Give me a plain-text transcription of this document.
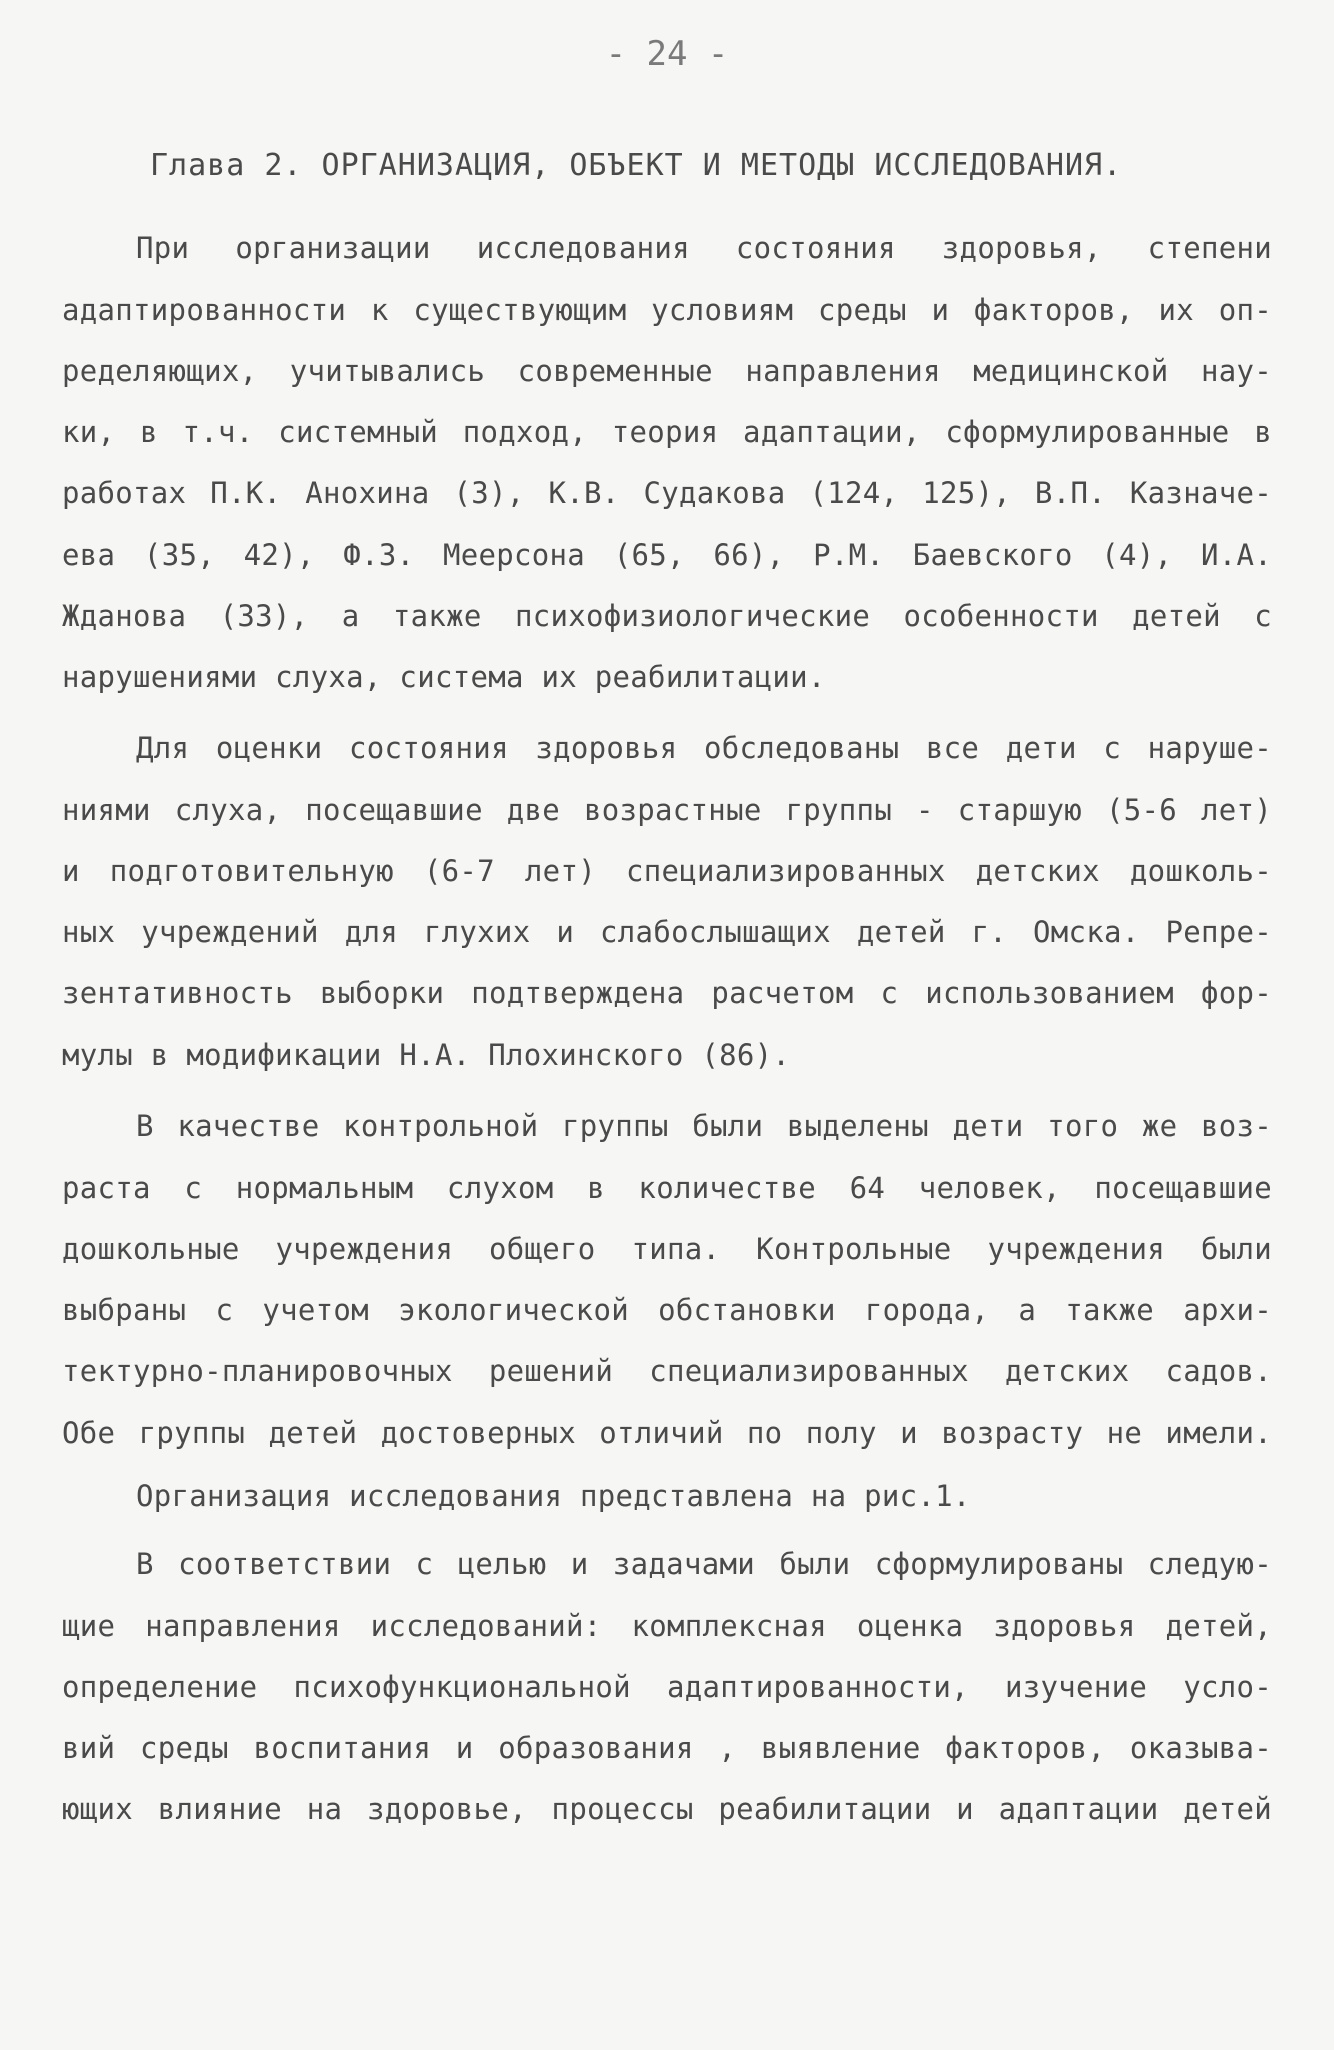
- 24 -
Глава 2. ОРГАНИЗАЦИЯ, ОБЪЕКТ И МЕТОДЫ ИССЛЕДОВАНИЯ.
При организации исследования состояния здоровья, степени
адаптированности к существующим условиям среды и факторов, их оп-
ределяющих, учитывались современные направления медицинской нау-
ки, в т.ч. системный подход, теория адаптации, сформулированные в
работах П.К. Анохина (3), К.В. Судакова (124, 125), В.П. Казначе-
ева (35, 42), Ф.З. Меерсона (65, 66), Р.М. Баевского (4), И.А.
Жданова (33), а также психофизиологические особенности детей с
нарушениями слуха, система их реабилитации.
Для оценки состояния здоровья обследованы все дети с наруше-
ниями слуха, посещавшие две возрастные группы - старшую (5-6 лет)
и подготовительную (6-7 лет) специализированных детских дошколь-
ных учреждений для глухих и слабослышащих детей г. Омска. Репре-
зентативность выборки подтверждена расчетом с использованием фор-
мулы в модификации Н.А. Плохинского (86).
В качестве контрольной группы были выделены дети того же воз-
раста с нормальным слухом в количестве 64 человек, посещавшие
дошкольные учреждения общего типа. Контрольные учреждения были
выбраны с учетом экологической обстановки города, а также архи-
тектурно-планировочных решений специализированных детских садов.
Обе группы детей достоверных отличий по полу и возрасту не имели.
Организация исследования представлена на рис.1.
В соответствии с целью и задачами были сформулированы следую-
щие направления исследований: комплексная оценка здоровья детей,
определение психофункциональной адаптированности, изучение усло-
вий среды воспитания и образования , выявление факторов, оказыва-
ющих влияние на здоровье, процессы реабилитации и адаптации детей
